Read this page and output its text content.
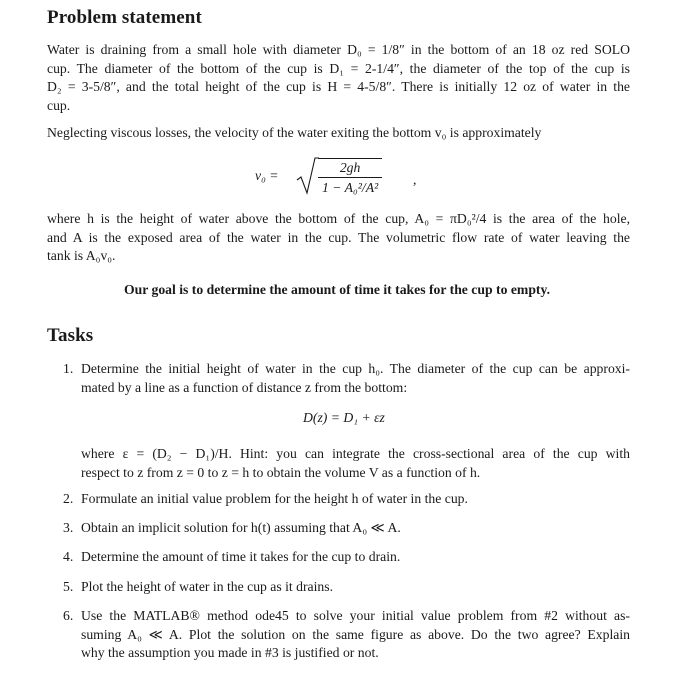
Problem statement
Water is draining from a small hole with diameter D₀ = 1/8″ in the bottom of an 18 oz red SOLO
cup. The diameter of the bottom of the cup is D₁ = 2-1/4″, the diameter of the top of the cup is
D₂ = 3-5/8″, and the total height of the cup is H = 4-5/8″. There is initially 12 oz of water in the
cup.
Neglecting viscous losses, the velocity of the water exiting the bottom v₀ is approximately
v₀ =	$\frac{2gh}{\text{1 − A₀²/A²}}$ ,
where h is the height of water above the bottom of the cup, A₀ = πD₀²/4 is the area of the hole,
and A is the exposed area of the water in the cup. The volumetric flow rate of water leaving the
tank is A₀v₀.

Our goal is to determine the amount of time it takes for the cup to empty.

Tasks
1. Determine the initial height of water in the cup h₀. The diameter of the cup can be approxi-
mated by a line as a function of distance z from the bottom:
D(z) = D₁ + εz
where ε = (D₂ − D₁)/H. Hint: you can integrate the cross-sectional area of the cup with
respect to z from z = 0 to z = h to obtain the volume V as a function of h.
2. Formulate an initial value problem for the height h of water in the cup.
3. Obtain an implicit solution for h(t) assuming that A₀ ≪ A.
4. Determine the amount of time it takes for the cup to drain.
5. Plot the height of water in the cup as it drains.
6. Use the MATLAB® method ode45 to solve your initial value problem from #2 without as-
suming A₀ ≪ A. Plot the solution on the same figure as above. Do the two agree? Explain
why the assumption you made in #3 is justified or not.
